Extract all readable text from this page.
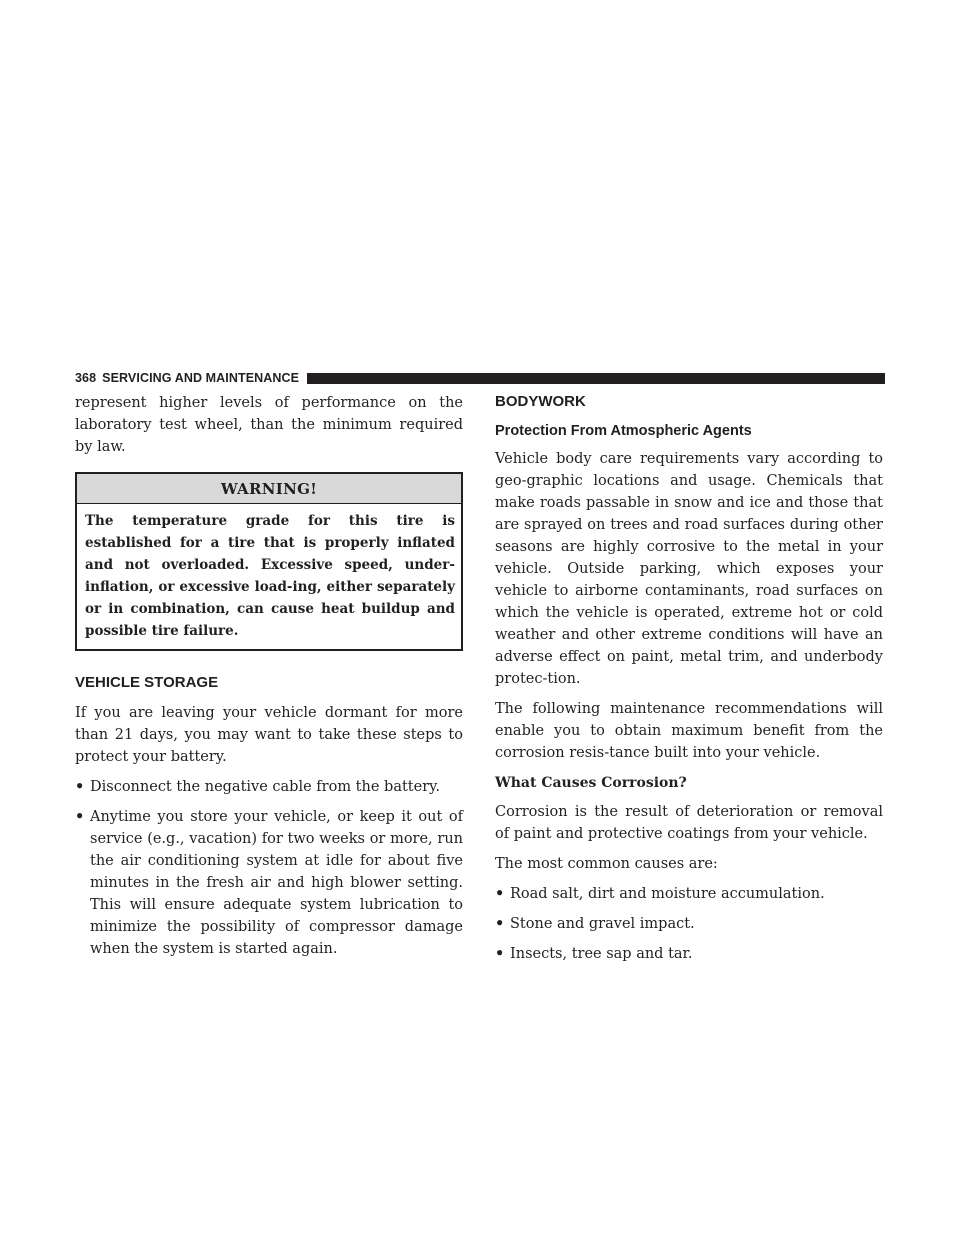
368 SERVICING AND MAINTENANCE

represent higher levels of performance on the laboratory test wheel, than the minimum required by law.

WARNING!
The temperature grade for this tire is established for a tire that is properly inflated and not overloaded. Excessive speed, under-inflation, or excessive load-ing, either separately or in combination, can cause heat buildup and possible tire failure.
VEHICLE STORAGE

If you are leaving your vehicle dormant for more than 21 days, you may want to take these steps to protect your battery.

• Disconnect the negative cable from the battery.
• Anytime you store your vehicle, or keep it out of service (e.g., vacation) for two weeks or more, run the air conditioning system at idle for about five minutes in the fresh air and high blower setting. This will ensure adequate system lubrication to minimize the possibility of compressor damage when the system is started again.
BODYWORK
Protection From Atmospheric Agents

Vehicle body care requirements vary according to geo-graphic locations and usage. Chemicals that make roads passable in snow and ice and those that are sprayed on trees and road surfaces during other seasons are highly corrosive to the metal in your vehicle. Outside parking, which exposes your vehicle to airborne contaminants, road surfaces on which the vehicle is operated, extreme hot or cold weather and other extreme conditions will have an adverse effect on paint, metal trim, and underbody protec-tion.

The following maintenance recommendations will enable you to obtain maximum benefit from the corrosion resis-tance built into your vehicle.

What Causes Corrosion?

Corrosion is the result of deterioration or removal of paint and protective coatings from your vehicle.

The most common causes are:

• Road salt, dirt and moisture accumulation.
• Stone and gravel impact.
• Insects, tree sap and tar.
